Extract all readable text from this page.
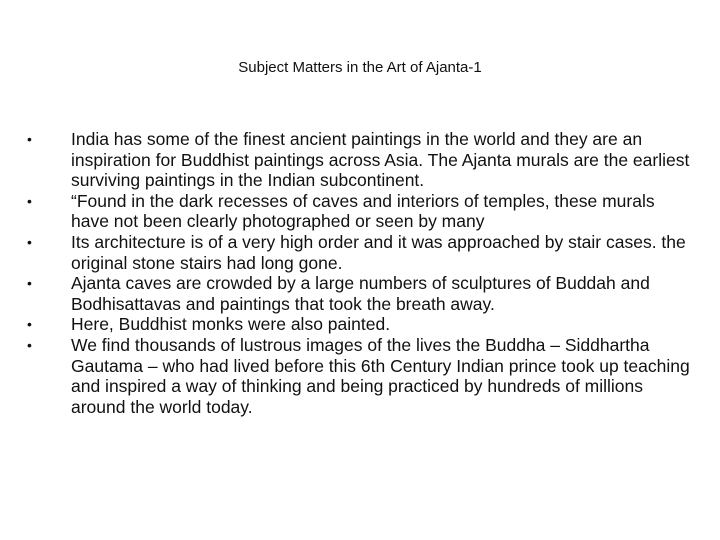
Subject Matters in the Art of Ajanta-1
• India has some of the finest ancient paintings in the world and they are an inspiration for Buddhist paintings across Asia. The Ajanta murals are the earliest surviving paintings in the Indian subcontinent.
• “Found in the dark recesses of caves and interiors of temples, these murals have not been clearly photographed or seen by many
• Its architecture is of a very high order and it was approached by stair cases. the original stone stairs had long gone.
• Ajanta caves are crowded by a large numbers of sculptures of Buddah and Bodhisattavas and paintings that took the breath away.
• Here, Buddhist monks were also painted.
• We find thousands of lustrous images of the lives the Buddha – Siddhartha Gautama – who had lived before this 6th Century Indian prince took up teaching and inspired a way of thinking and being practiced by hundreds of millions around the world today.
